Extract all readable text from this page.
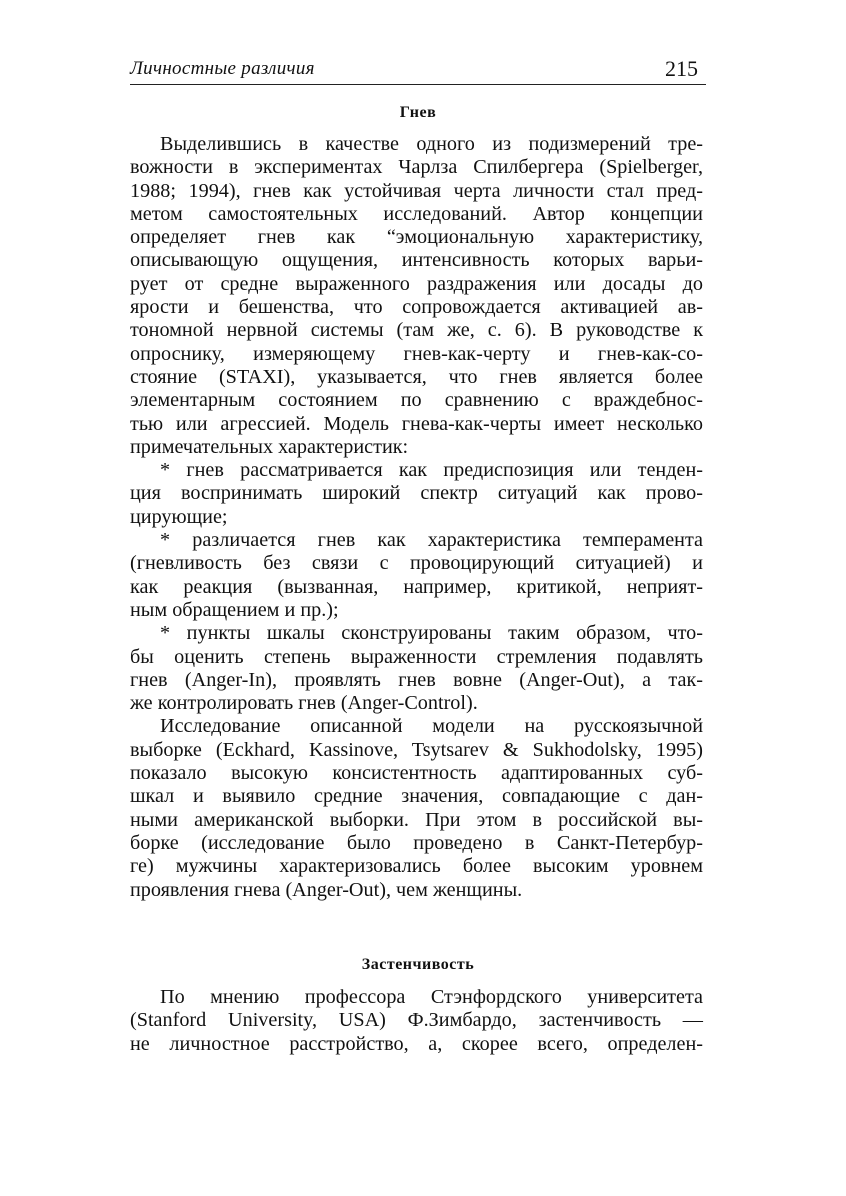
Личностные различия	215
Гнев
Выделившись в качестве одного из подизмерений тре-
вожности в экспериментах Чарлза Спилбергера (Spielberger,
1988; 1994), гнев как устойчивая черта личности стал пред-
метом самостоятельных исследований. Автор концепции
определяет гнев как “эмоциональную характеристику,
описывающую ощущения, интенсивность которых варьи-
рует от средне выраженного раздражения или досады до
ярости и бешенства, что сопровождается активацией ав-
тономной нервной системы (там же, с. 6). В руководстве к
опроснику, измеряющему гнев-как-черту и гнев-как-со-
стояние (STAXI), указывается, что гнев является более
элементарным состоянием по сравнению с враждебнос-
тью или агрессией. Модель гнева-как-черты имеет несколько
примечательных характеристик:
* гнев рассматривается как предиспозиция или тенден-
ция воспринимать широкий спектр ситуаций как прово-
цирующие;
* различается гнев как характеристика темперамента
(гневливость без связи с провоцирующий ситуацией) и
как реакция (вызванная, например, критикой, неприят-
ным обращением и пр.);
* пункты шкалы сконструированы таким образом, что-
бы оценить степень выраженности стремления подавлять
гнев (Anger-In), проявлять гнев вовне (Anger-Out), а так-
же контролировать гнев (Anger-Control).
Исследование описанной модели на русскоязычной
выборке (Eckhard, Kassinove, Tsytsarev & Sukhodolsky, 1995)
показало высокую консистентность адаптированных суб-
шкал и выявило средние значения, совпадающие с дан-
ными американской выборки. При этом в российской вы-
борке (исследование было проведено в Санкт-Петербур-
ге) мужчины характеризовались более высоким уровнем
проявления гнева (Anger-Out), чем женщины.
Застенчивость
По мнению профессора Стэнфордского университета
(Stanford University, USA) Ф.Зимбардо, застенчивость —
не личностное расстройство, а, скорее всего, определен-
